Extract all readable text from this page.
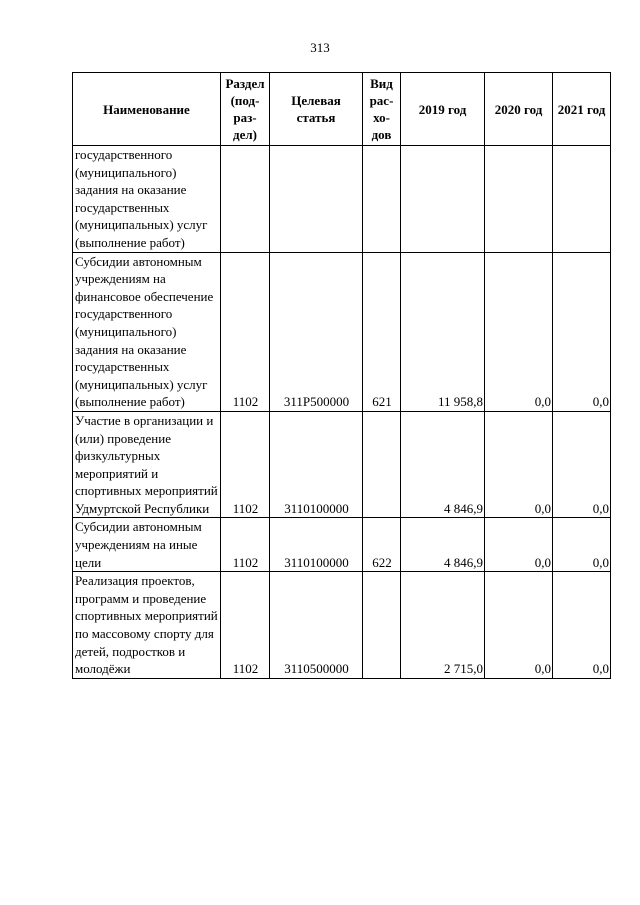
313
Наименование	Раздел (под-раз-дел)	Целевая статья	Вид рас-хо-дов	2019 год	2020 год	2021 год
государственного (муниципального) задания на оказание государственных (муниципальных) услуг (выполнение работ)						
Субсидии автономным учреждениям на финансовое обеспечение государственного (муниципального) задания на оказание государственных (муниципальных) услуг (выполнение работ)	1102	311P500000	621	11 958,8	0,0	0,0
Участие в организации и (или) проведение физкультурных мероприятий и спортивных мероприятий Удмуртской Республики	1102	3110100000		4 846,9	0,0	0,0
Субсидии автономным учреждениям на иные цели	1102	3110100000	622	4 846,9	0,0	0,0
Реализация проектов, программ и проведение спортивных мероприятий по массовому спорту для детей, подростков и молодёжи	1102	3110500000		2 715,0	0,0	0,0
